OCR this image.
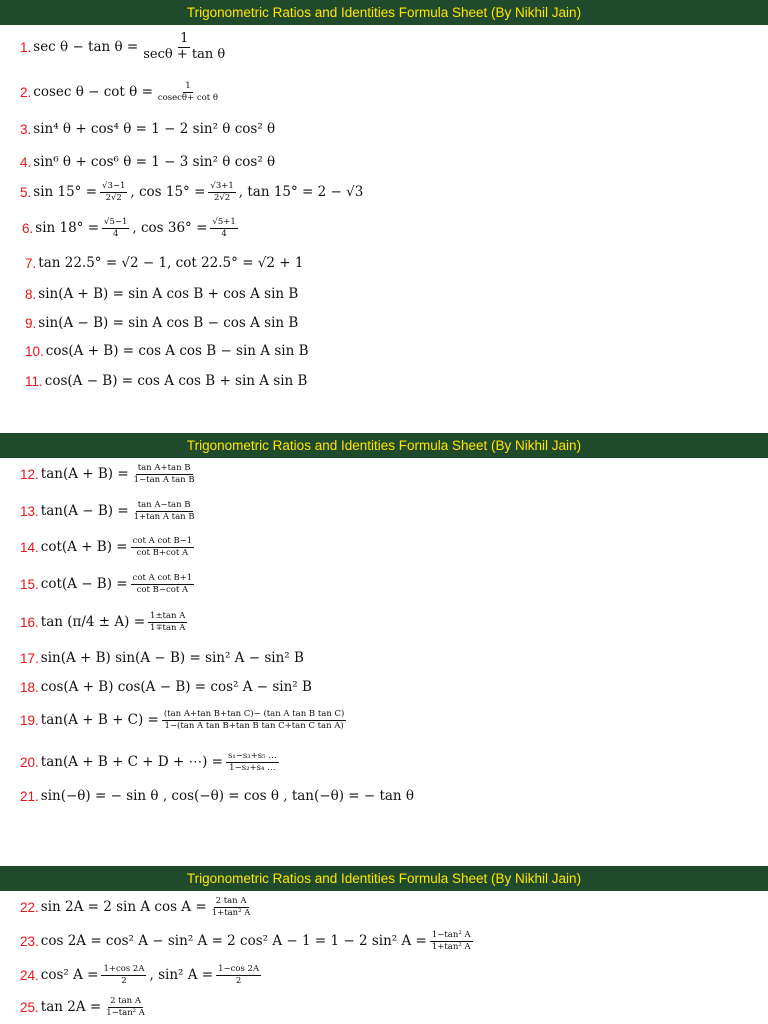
Trigonometric Ratios and Identities Formula Sheet (By Nikhil Jain)
Trigonometric Ratios and Identities Formula Sheet (By Nikhil Jain)
Trigonometric Ratios and Identities Formula Sheet (By Nikhil Jain)
1. sec θ − tan θ =
1
secθ + tan θ
2. cosec θ − cot θ =	1
cosecθ+ cot θ
3. sin⁴ θ + cos⁴ θ = 1 − 2 sin² θ cos² θ
4. sin⁶ θ + cos⁶ θ = 1 − 3 sin² θ cos² θ
5. $\sin 15^\circ = \frac{√3-1}{2√2}$ , $\cos 15^\circ = \frac{√3+1}{2√2}$ , tan 15° = 2 − √3
6. $\sin 18^\circ = \frac{√5-1}{4}$ , $\cos 36^\circ = \frac{√5+1}{4}$
7. tan 22.5° = √2 − 1, cot 22.5° = √2 + 1
8. sin(A + B) = sin A cos B + cos A sin B
9. sin(A − B) = sin A cos B − cos A sin B
10. cos(A + B) = cos A cos B − sin A sin B
11. cos(A − B) = cos A cos B + sin A sin B
12. $\tan(A + B) = \frac{\text{tan A+tan B}}{\text{1−tan A tan B}}$
13. $\tan(A - B) = \frac{\text{tan A−tan B}}{\text{1+tan A tan B}}$
14. $\cot(A + B) = \frac{\text{cot A cot B−1}}{\text{cot B+cot A}}$
15. $\cot(A - B) = \frac{\text{cot A cot B+1}}{\text{cot B−cot A}}$
16. $\tan (\pi/4 \pm A) = \frac{\text{1±tan A}}{\text{1∓tan A}}$
17. sin(A + B) sin(A − B) = sin² A − sin² B
18. cos(A + B) cos(A − B) = cos² A − sin² B
19. $\tan(A + B + C) = \frac{\text{(tan A+tan B+tan C)− (tan A tan B tan C)}}{\text{1−(tan A tan B+tan B tan C+tan C tan A)}}$
20. tan(A + B + C + D + ⋯) = $\frac{\text{s₁−s₃+s₅ …}}{\text{1−s₂+s₄ …}}$
21. sin(−θ) = − sin θ , cos(−θ) = cos θ , tan(−θ) = − tan θ
22. sin 2A = 2 sin A $\cos A = \frac{\text{2 tan A}}{\text{1+tan² A}}$
23. cos 2A = cos² A − sin² A = 2 cos² A − 1 = 1 − 2 sin² $A = \frac{\text{1−tan² A}}{\text{1+tan² A}}$
24. cos² $A = \frac{1+\cos 2A}{2}$ , sin² $A = \frac{1-\cos 2A}{2}$
25. $\tan 2A = \frac{\text{2 tan A}}{\text{1−tan² A}}$
